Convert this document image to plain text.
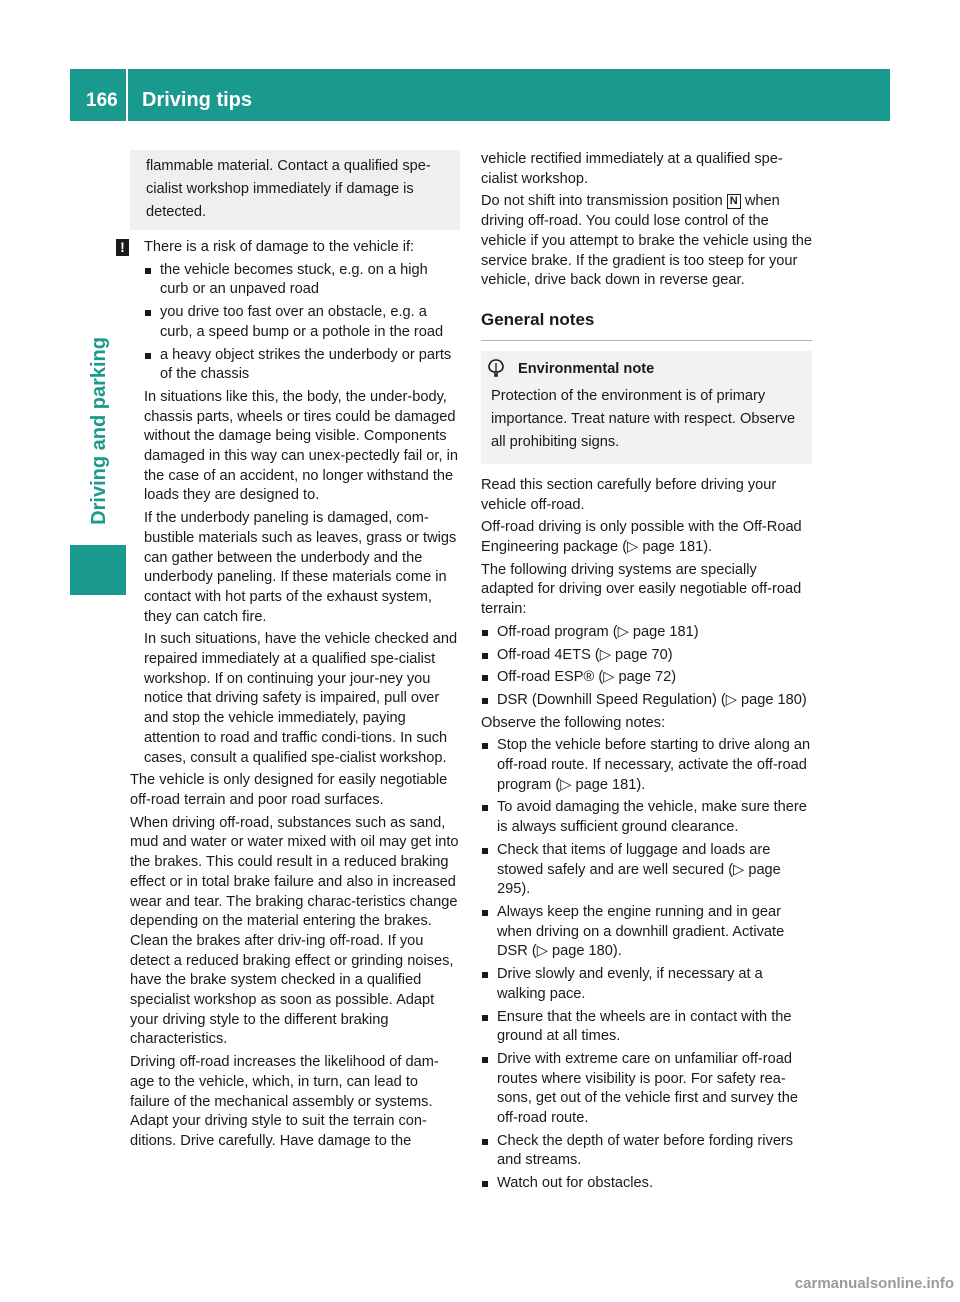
166 Driving tips
Driving and parking
flammable material. Contact a qualified spe-cialist workshop immediately if damage is detected.
! There is a risk of damage to the vehicle if:

the vehicle becomes stuck, e.g. on a high curb or an unpaved road
you drive too fast over an obstacle, e.g. a curb, a speed bump or a pothole in the road
a heavy object strikes the underbody or parts of the chassis

In situations like this, the body, the under-body, chassis parts, wheels or tires could be damaged without the damage being visible. Components damaged in this way can unex-pectedly fail or, in the case of an accident, no longer withstand the loads they are designed to.

If the underbody paneling is damaged, com-bustible materials such as leaves, grass or twigs can gather between the underbody and the underbody paneling. If these materials come in contact with hot parts of the exhaust system, they can catch fire.

In such situations, have the vehicle checked and repaired immediately at a qualified spe-cialist workshop. If on continuing your jour-ney you notice that driving safety is impaired, pull over and stop the vehicle immediately, paying attention to road and traffic condi-tions. In such cases, consult a qualified spe-cialist workshop.

The vehicle is only designed for easily negotiable off-road terrain and poor road surfaces.

When driving off-road, substances such as sand, mud and water or water mixed with oil may get into the brakes. This could result in a reduced braking effect or in total brake failure and also in increased wear and tear. The braking charac-teristics change depending on the material entering the brakes. Clean the brakes after driv-ing off-road. If you detect a reduced braking effect or grinding noises, have the brake system checked in a qualified specialist workshop as soon as possible. Adapt your driving style to the different braking characteristics.

Driving off-road increases the likelihood of dam-age to the vehicle, which, in turn, can lead to failure of the mechanical assembly or systems. Adapt your driving style to suit the terrain con-ditions. Drive carefully. Have damage to the

vehicle rectified immediately at a qualified spe-cialist workshop.

Do not shift into transmission position N when driving off-road. You could lose control of the vehicle if you attempt to brake the vehicle using the service brake. If the gradient is too steep for your vehicle, drive back down in reverse gear.

General notes
Environmental note

Protection of the environment is of primary importance. Treat nature with respect. Observe all prohibiting signs.

Read this section carefully before driving your vehicle off-road.

Off-road driving is only possible with the Off-Road Engineering package (▷ page 181).

The following driving systems are specially adapted for driving over easily negotiable off-road terrain:

Off-road program (▷ page 181)
Off-road 4ETS (▷ page 70)
Off-road ESP® (▷ page 72)
DSR (Downhill Speed Regulation) (▷ page 180)

Observe the following notes:

Stop the vehicle before starting to drive along an off-road route. If necessary, activate the off-road program (▷ page 181).
To avoid damaging the vehicle, make sure there is always sufficient ground clearance.
Check that items of luggage and loads are stowed safely and are well secured (▷ page 295).
Always keep the engine running and in gear when driving on a downhill gradient. Activate DSR (▷ page 180).
Drive slowly and evenly, if necessary at a walking pace.
Ensure that the wheels are in contact with the ground at all times.
Drive with extreme care on unfamiliar off-road routes where visibility is poor. For safety rea-sons, get out of the vehicle first and survey the off-road route.
Check the depth of water before fording rivers and streams.
Watch out for obstacles.
carmanualsonline.info
